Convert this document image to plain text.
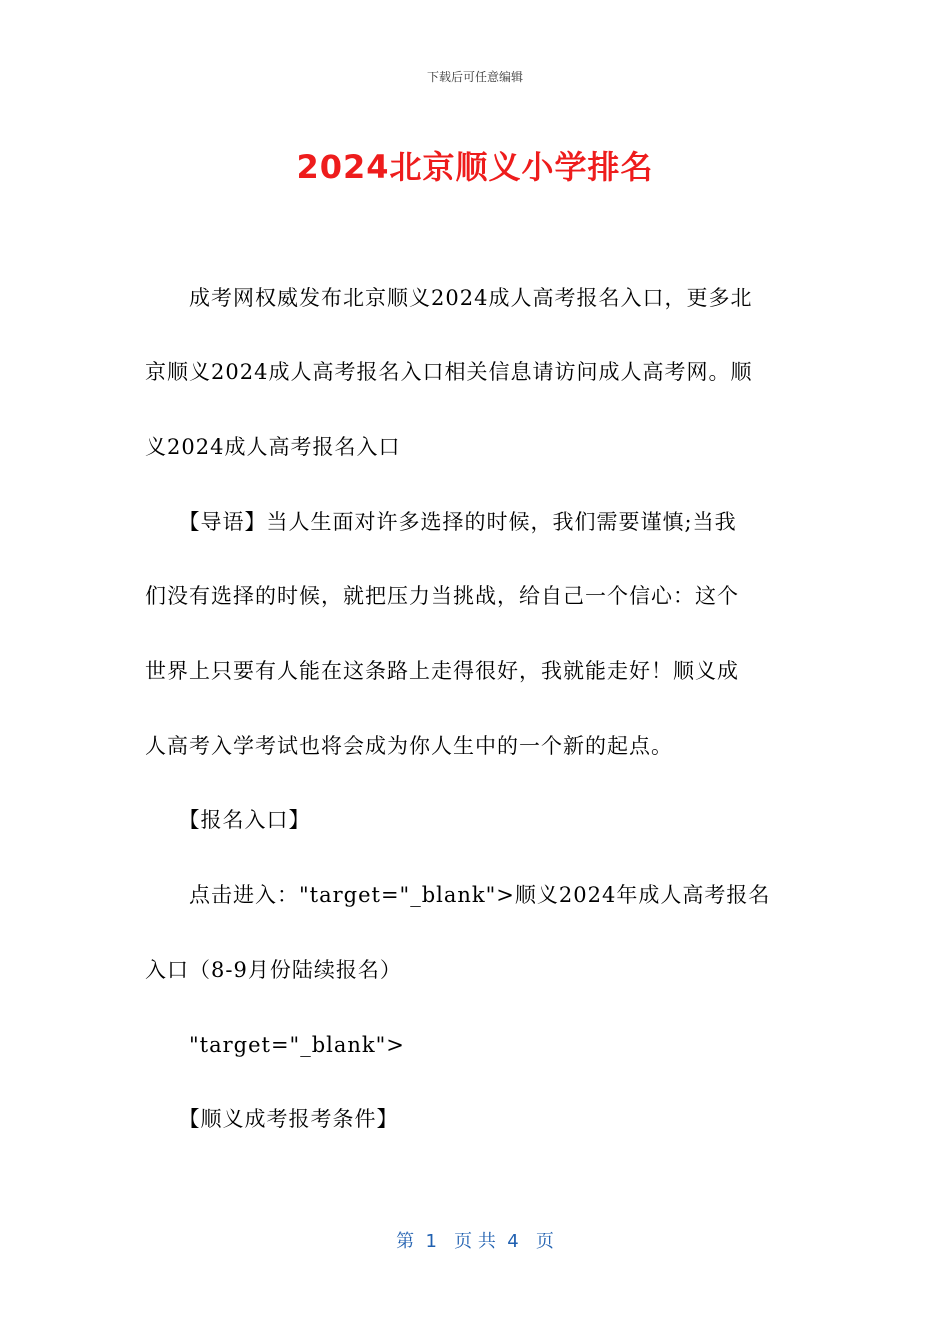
下载后可任意编辑
2024北京顺义小学排名
　　成考网权威发布北京顺义2024成人高考报名入口，更多北
京顺义2024成人高考报名入口相关信息请访问成人高考网。顺
义2024成人高考报名入口
　　【导语】当人生面对许多选择的时候，我们需要谨慎;当我
们没有选择的时候，就把压力当挑战，给自己一个信心：这个
世界上只要有人能在这条路上走得很好，我就能走好！顺义成
人高考入学考试也将会成为你人生中的一个新的起点。
　　【报名入口】
　　点击进入："target="_blank">顺义2024年成人高考报名
入口（8-9月份陆续报名）
　　"target="_blank">
　　【顺义成考报考条件】
第  1   页 共  4   页
